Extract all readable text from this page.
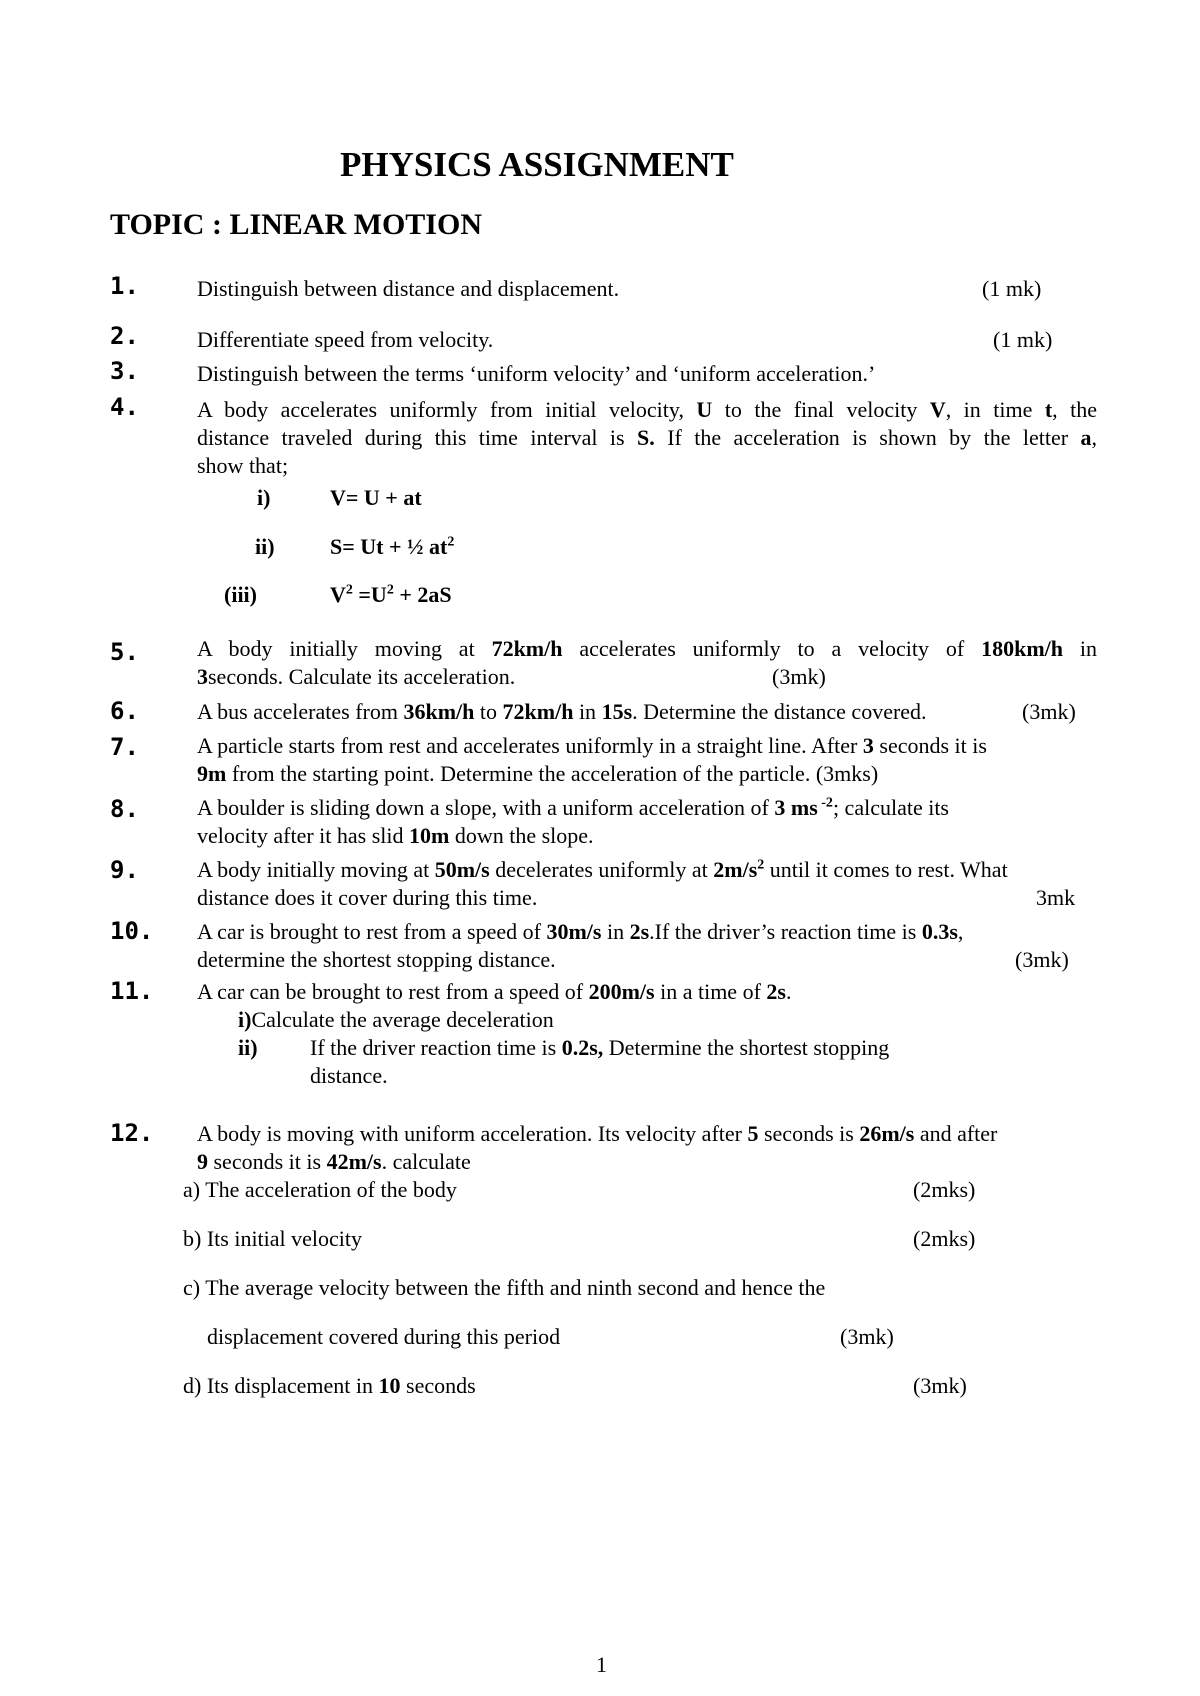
PHYSICS ASSIGNMENT
TOPIC : LINEAR MOTION
1.	Distinguish between distance and displacement.	(1 mk)
2.	Differentiate speed from velocity.	(1 mk)
3.	Distinguish between the terms ‘uniform velocity’ and ‘uniform acceleration.’
4.	A body accelerates uniformly from initial velocity, U to the final velocity V, in time t, the
distance traveled during this time interval is S. If the acceleration is shown by the letter a,
show that;
i)	V= U + at
ii)	S= Ut + ½ $at^2$
(iii)	$V^2 =U^2 + 2aS$
5.	A body initially moving at 72km/h accelerates uniformly to a velocity of 180km/h in
3seconds. Calculate its acceleration.	(3mk)
6.	A bus accelerates from 36km/h to 72km/h in 15s. Determine the distance covered.	(3mk)
7.	A particle starts from rest and accelerates uniformly in a straight line. After 3 seconds it is
9m from the starting point. Determine the acceleration of the particle. (3mks)
8.	A boulder is sliding down a slope, with a uniform acceleration of 3 ms $^{-2}$; calculate its
velocity after it has slid 10m down the slope.
9.	A body initially moving at 50m/s decelerates uniformly at $2m/s^2$ until it comes to rest. What
distance does it cover during this time.	3mk
10. A car is brought to rest from a speed of 30m/s in 2s.If the driver’s reaction time is 0.3s,
determine the shortest stopping distance.	(3mk)
11. A car can be brought to rest from a speed of 200m/s in a time of 2s.
i)Calculate the average deceleration
ii) If the driver reaction time is 0.2s, Determine the shortest stopping
distance.
12. A body is moving with uniform acceleration. Its velocity after 5 seconds is 26m/s and after
9 seconds it is 42m/s. calculate
a) The acceleration of the body	(2mks)
b) Its initial velocity	(2mks)
c) The average velocity between the fifth and ninth second and hence the
displacement covered during this period	(3mk)
d) Its displacement in 10 seconds	(3mk)
1
